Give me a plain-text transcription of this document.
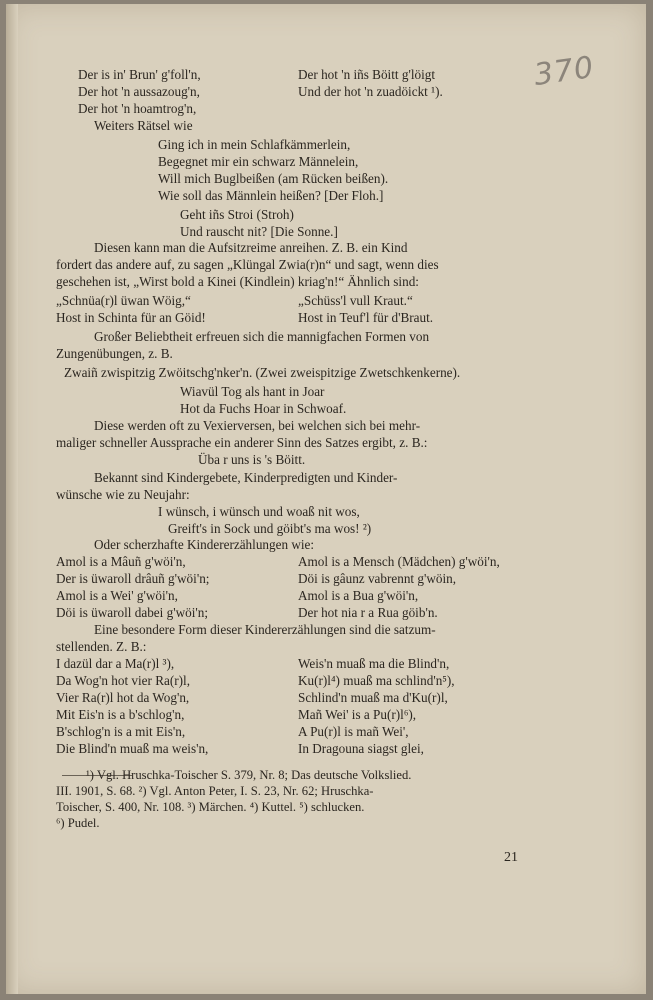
370
Der is in' Brun' g'foll'n,	Der hot 'n iñs Böitt g'löigt
Der hot 'n aussazoug'n,	Und der hot 'n zuadöickt ¹).
Der hot 'n hoamtrog'n,
Weiters Rätsel wie
Ging ich in mein Schlafkämmerlein,
Begegnet mir ein schwarz Männelein,
Will mich Buglbeißen (am Rücken beißen).
Wie soll das Männlein heißen? [Der Floh.]
Geht iñs Stroi (Stroh)
Und rauscht nit? [Die Sonne.]
Diesen kann man die Aufsitzreime anreihen. Z. B. ein Kind
fordert das andere auf, zu sagen „Klüngal Zwia(r)n“ und sagt, wenn dies
geschehen ist, „Wirst bold a Kinei (Kindlein) kriag'n!“ Ähnlich sind:
„Schnüa(r)l üwan Wöig,“	„Schüss'l vull Kraut.“
Host in Schinta für an Göid!	Host in Teuf'l für d'Braut.
Großer Beliebtheit erfreuen sich die mannigfachen Formen von
Zungenübungen, z. B.
Zwaiñ zwispitzig Zwöitschg'nker'n. (Zwei zweispitzige Zwetschkenkerne).
Wiavül Tog als hant in Joar
Hot da Fuchs Hoar in Schwoaf.
Diese werden oft zu Vexierversen, bei welchen sich bei mehr-
maliger schneller Aussprache ein anderer Sinn des Satzes ergibt, z. B.:
Üba r uns is 's Böitt.
Bekannt sind Kindergebete, Kinderpredigten und Kinder-
wünsche wie zu Neujahr:
I wünsch, i wünsch und woaß nit wos,
Greift's in Sock und göibt's ma wos! ²)
Oder scherzhafte Kindererzählungen wie:
Amol is a Mâuñ g'wöi'n,	Amol is a Mensch (Mädchen) g'wöi'n,
Der is üwaroll drâuñ g'wöi'n;	Döi is gâunz vabrennt g'wöin,
Amol is a Wei' g'wöi'n,	Amol is a Bua g'wöi'n,
Döi is üwaroll dabei g'wöi'n;	Der hot nia r a Rua göib'n.
Eine besondere Form dieser Kindererzählungen sind die satzum-
stellenden. Z. B.:
I dazül dar a Ma(r)l ³),	Weis'n muaß ma die Blind'n,
Da Wog'n hot vier Ra(r)l,	Ku(r)l⁴) muaß ma schlind'n⁵),
Vier Ra(r)l hot da Wog'n,	Schlind'n muaß ma d'Ku(r)l,
Mit Eis'n is a b'schlog'n,	Mañ Wei' is a Pu(r)l⁶),
B'schlog'n is a mit Eis'n,	A Pu(r)l is mañ Wei',
Die Blind'n muaß ma weis'n,	In Dragouna siagst glei,
¹) Vgl. Hruschka-Toischer S. 379, Nr. 8; Das deutsche Volkslied.
III. 1901, S. 68. ²) Vgl. Anton Peter, I. S. 23, Nr. 62; Hruschka-
Toischer, S. 400, Nr. 108. ³) Märchen. ⁴) Kuttel. ⁵) schlucken.
⁶) Pudel.
21
